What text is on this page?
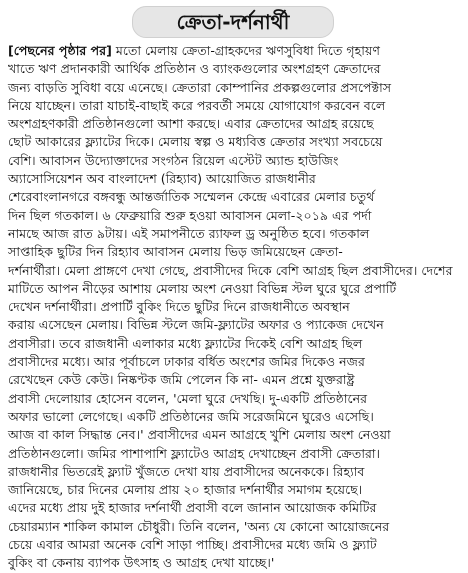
ক্রেতা-দর্শনার্থী
[পেছনের পৃষ্ঠার পর] মতো মেলায় ক্রেতা-গ্রাহকদের ঋণসুবিধা দিতে গৃহায়ণ
খাতে ঋণ প্রদানকারী আর্থিক প্রতিষ্ঠান ও ব্যাংকগুলোর অংশগ্রহণ ক্রেতাদের
জন্য বাড়তি সুবিধা বয়ে এনেছে। ক্রেতারা কোম্পানির প্রকল্পগুলোর প্রসপেক্টাস
নিয়ে যাচ্ছেন। তারা যাচাই-বাছাই করে পরবর্তী সময়ে যোগাযোগ করবেন বলে
অংশগ্রহণকারী প্রতিষ্ঠানগুলো আশা করছে। এবার ক্রেতাদের আগ্রহ রয়েছে
ছোট আকারের ফ্ল্যাটের দিকে। মেলায় স্বল্প ও মধ্যবিত্ত ক্রেতার সংখ্যা সবচেয়ে
বেশি। আবাসন উদ্যোক্তাদের সংগঠন রিয়েল এস্টেট অ্যান্ড হাউজিং
অ্যাসোসিয়েশন অব বাংলাদেশ (রিহ্যাব) আয়োজিত রাজধানীর
শেরেবাংলানগরে বঙ্গবন্ধু আন্তর্জাতিক সম্মেলন কেন্দ্রে এবারের মেলার চতুর্থ
দিন ছিল গতকাল। ৬ ফেব্রুয়ারি শুরু হওয়া আবাসন মেলা-২০১৯ এর পর্দা
নামছে আজ রাত ৯টায়। এই সমাপনীতে র‍্যাফল ড্র অনুষ্ঠিত হবে। গতকাল
সাপ্তাহিক ছুটির দিন রিহ্যাব আবাসন মেলায় ভিড় জমিয়েছেন ক্রেতা-
দর্শনার্থীরা। মেলা প্রাঙ্গণে দেখা গেছে, প্রবাসীদের দিকে বেশি আগ্রহ ছিল প্রবাসীদের। দেশের
মাটিতে আপন নীড়ের আশায় মেলায় অংশ নেওয়া বিভিন্ন স্টল ঘুরে ঘুরে প্রপার্টি
দেখেন দর্শনার্থীরা। প্রপার্টি বুকিং দিতে ছুটির দিনে রাজধানীতে অবস্থান
করায় এসেছেন মেলায়। বিভিন্ন স্টলে জমি-ফ্ল্যাটের অফার ও প্যাকেজ দেখেন
প্রবাসীরা। তবে রাজধানী এলাকার মধ্যে ফ্ল্যাটের দিকেই বেশি আগ্রহ ছিল
প্রবাসীদের মধ্যে। আর পূর্বাচলে ঢাকার বর্ধিত অংশের জমির দিকেও নজর
রেখেছেন কেউ কেউ। নিষ্কণ্টক জমি পেলেন কি না- এমন প্রশ্নে যুক্তরাষ্ট্র
প্রবাসী দেলোয়ার হোসেন বলেন, 'মেলা ঘুরে দেখছি। দু-একটি প্রতিষ্ঠানের
অফার ভালো লেগেছে। একটি প্রতিষ্ঠানের জমি সরেজমিনে ঘুরেও এসেছি।
আজ বা কাল সিদ্ধান্ত নেব।' প্রবাসীদের এমন আগ্রহে খুশি মেলায় অংশ নেওয়া
প্রতিষ্ঠানগুলো। জমির পাশাপাশি ফ্ল্যাটেও আগ্রহ দেখাচ্ছেন প্রবাসী ক্রেতারা।
রাজধানীর ভিতরেই ফ্ল্যাট খুঁজতে দেখা যায় প্রবাসীদের অনেককে। রিহ্যাব
জানিয়েছে, চার দিনের মেলায় প্রায় ২০ হাজার দর্শনার্থীর সমাগম হয়েছে।
এদের মধ্যে প্রায় দুই হাজার দর্শনার্থী প্রবাসী বলে জানান আয়োজক কমিটির
চেয়ারম্যান শাকিল কামাল চৌধুরী। তিনি বলেন, 'অন্য যে কোনো আয়োজনের
চেয়ে এবার আমরা অনেক বেশি সাড়া পাচ্ছি। প্রবাসীদের মধ্যে জমি ও ফ্ল্যাট
বুকিং বা কেনায় ব্যাপক উৎসাহ ও আগ্রহ দেখা যাচ্ছে।'
